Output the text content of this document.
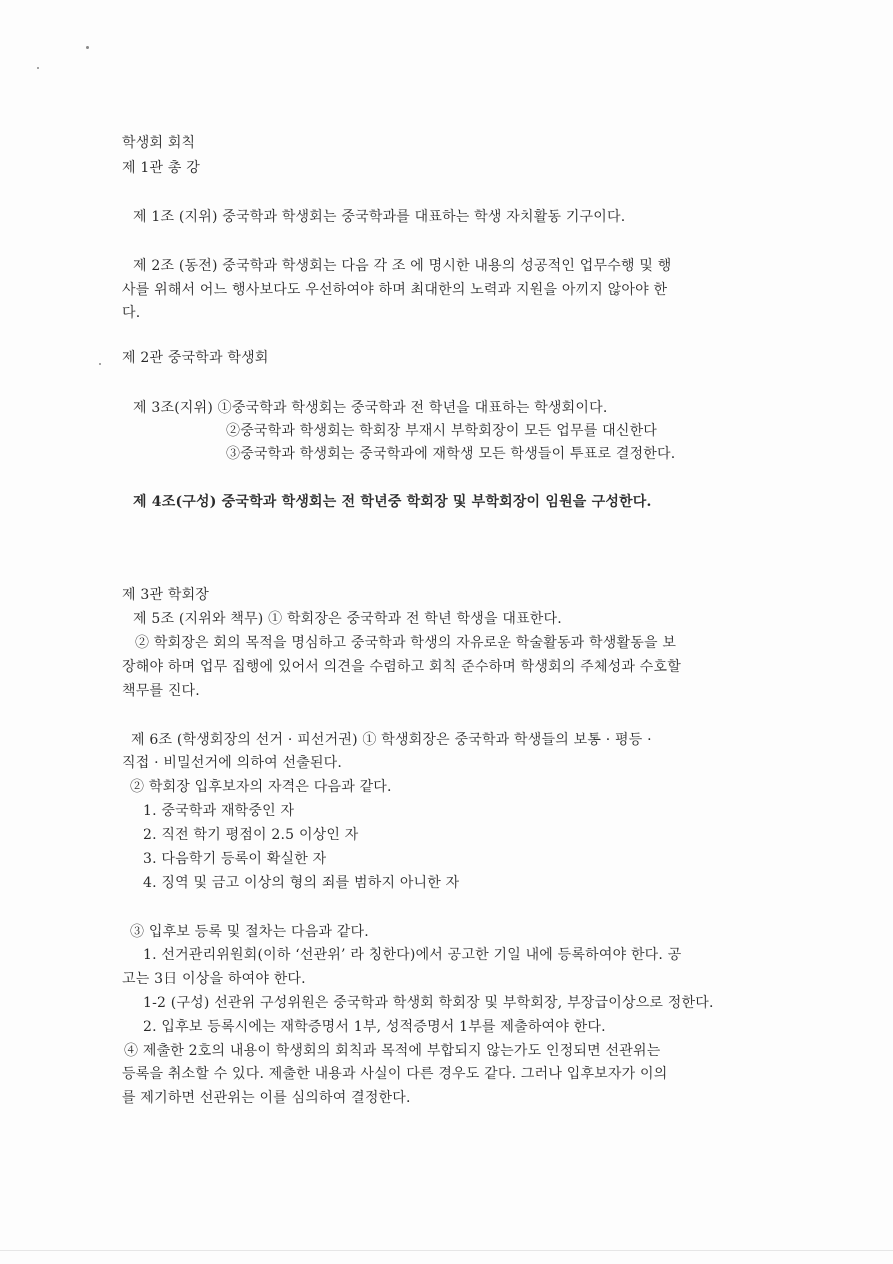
학생회 회칙
제 1관 총 강
제 1조 (지위) 중국학과 학생회는 중국학과를 대표하는 학생 자치활동 기구이다.
제 2조 (동전) 중국학과 학생회는 다음 각 조 에 명시한 내용의 성공적인 업무수행 및 행
사를 위해서 어느 행사보다도 우선하여야 하며 최대한의 노력과 지원을 아끼지 않아야 한
다.
제 2관 중국학과 학생회
제 3조(지위) ①중국학과 학생회는 중국학과 전 학년을 대표하는 학생회이다.
②중국학과 학생회는 학회장 부재시 부학회장이 모든 업무를 대신한다
③중국학과 학생회는 중국학과에 재학생 모든 학생들이 투표로 결정한다.
제 4조(구성) 중국학과 학생회는 전 학년중 학회장 및 부학회장이 임원을 구성한다.
제 3관 학회장
제 5조 (지위와 책무) ① 학회장은 중국학과 전 학년 학생을 대표한다.
② 학회장은 회의 목적을 명심하고 중국학과 학생의 자유로운 학술활동과 학생활동을 보
장해야 하며 업무 집행에 있어서 의견을 수렴하고 회칙 준수하며 학생회의 주체성과 수호할
책무를 진다.
제 6조 (학생회장의 선거 · 피선거권) ① 학생회장은 중국학과 학생들의 보통 · 평등 ·
직접 · 비밀선거에 의하여 선출된다.
② 학회장 입후보자의 자격은 다음과 같다.
1. 중국학과 재학중인 자
2. 직전 학기 평점이 2.5 이상인 자
3. 다음학기 등록이 확실한 자
4. 징역 및 금고 이상의 형의 죄를 범하지 아니한 자
③ 입후보 등록 및 절차는 다음과 같다.
1. 선거관리위원회(이하 ‘선관위’ 라 칭한다)에서 공고한 기일 내에 등록하여야 한다. 공
고는 3日 이상을 하여야 한다.
1-2 (구성) 선관위 구성위원은 중국학과 학생회 학회장 및 부학회장, 부장급이상으로 정한다.
2. 입후보 등록시에는 재학증명서 1부, 성적증명서 1부를 제출하여야 한다.
④ 제출한 2호의 내용이 학생회의 회칙과 목적에 부합되지 않는가도 인정되면 선관위는
등록을 취소할 수 있다. 제출한 내용과 사실이 다른 경우도 같다. 그러나 입후보자가 이의
를 제기하면 선관위는 이를 심의하여 결정한다.
